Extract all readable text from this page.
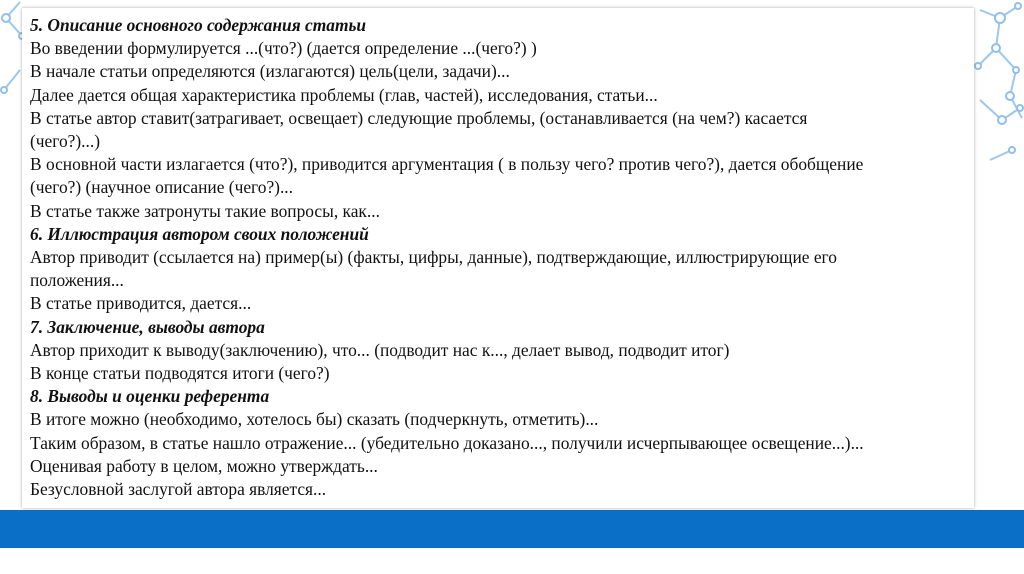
5. Описание основного содержания статьи

Во введении формулируется ...(что?) (дается определение ...(чего?) )

В начале статьи определяются (излагаются) цель(цели, задачи)...

Далее дается общая характеристика проблемы (глав, частей), исследования, статьи...

В статье автор ставит(затрагивает, освещает) следующие проблемы, (останавливается (на чем?) касается

(чего?)...)

В основной части излагается (что?), приводится аргументация ( в пользу чего? против чего?), дается обобщение

(чего?) (научное описание (чего?)...

В статье также затронуты такие вопросы, как...

6. Иллюстрация автором своих положений

Автор приводит (ссылается на) пример(ы) (факты, цифры, данные), подтверждающие, иллюстрирующие его

положения...

В статье приводится, дается...

7. Заключение, выводы автора

Автор приходит к выводу(заключению), что... (подводит нас к..., делает вывод, подводит итог)

В конце статьи подводятся итоги (чего?)

8. Выводы и оценки референта

В итоге можно (необходимо, хотелось бы) сказать (подчеркнуть, отметить)...

Таким образом, в статье нашло отражение... (убедительно доказано..., получили исчерпывающее освещение...)...

Оценивая работу в целом, можно утверждать...

Безусловной заслугой автора является...
